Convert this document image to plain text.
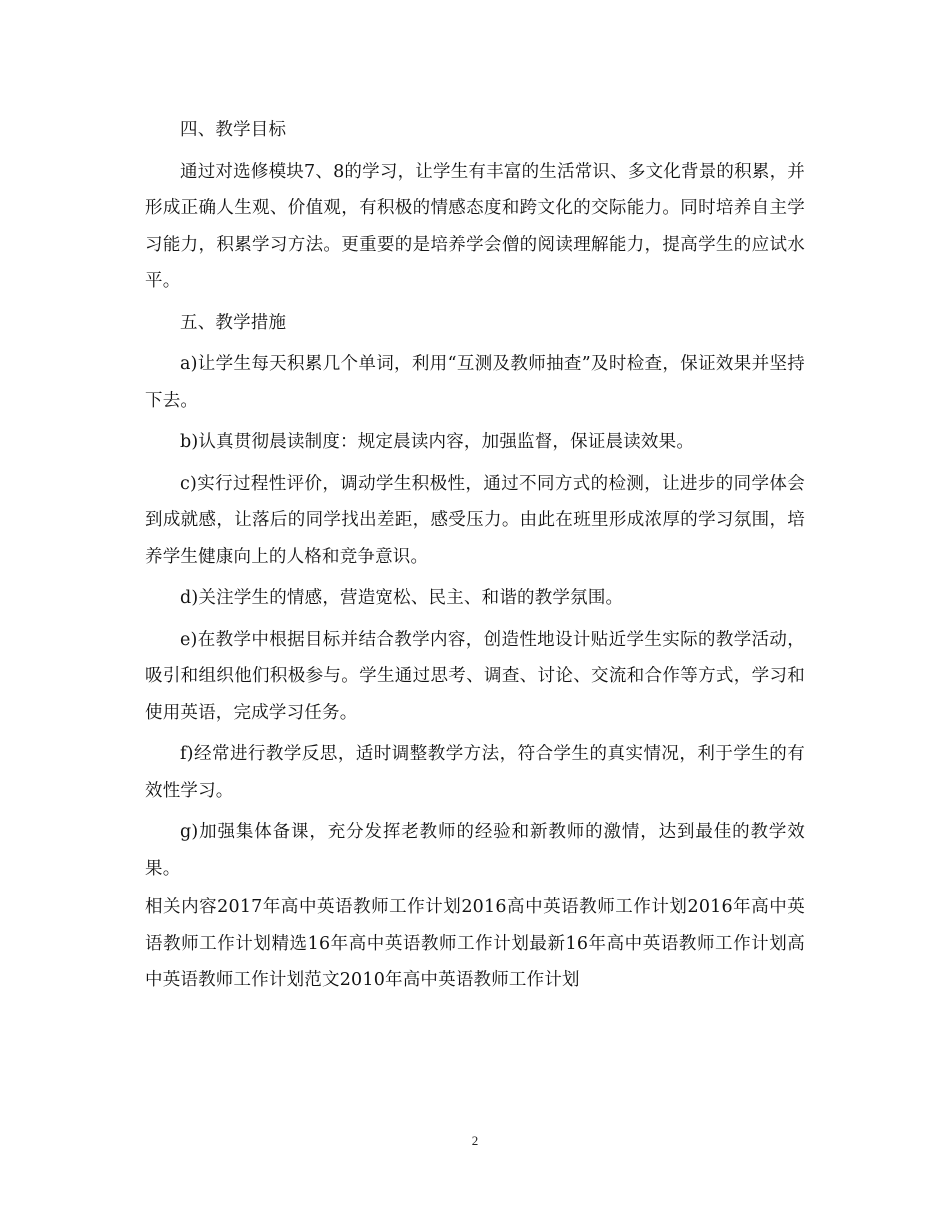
四、教学目标

通过对选修模块7、8的学习，让学生有丰富的生活常识、多文化背景的积累，并形成正确人生观、价值观，有积极的情感态度和跨文化的交际能力。同时培养自主学习能力，积累学习方法。更重要的是培养学会僧的阅读理解能力，提高学生的应试水平。

五、教学措施

a)让学生每天积累几个单词，利用“互测及教师抽查”及时检查，保证效果并坚持下去。

b)认真贯彻晨读制度：规定晨读内容，加强监督，保证晨读效果。

c)实行过程性评价，调动学生积极性，通过不同方式的检测，让进步的同学体会到成就感，让落后的同学找出差距，感受压力。由此在班里形成浓厚的学习氛围，培养学生健康向上的人格和竞争意识。

d)关注学生的情感，营造宽松、民主、和谐的教学氛围。

e)在教学中根据目标并结合教学内容，创造性地设计贴近学生实际的教学活动，吸引和组织他们积极参与。学生通过思考、调查、讨论、交流和合作等方式，学习和使用英语，完成学习任务。

f)经常进行教学反思，适时调整教学方法，符合学生的真实情况，利于学生的有效性学习。

g)加强集体备课，充分发挥老教师的经验和新教师的激情，达到最佳的教学效果。

相关内容2017年高中英语教师工作计划2016高中英语教师工作计划2016年高中英语教师工作计划精选16年高中英语教师工作计划最新16年高中英语教师工作计划高中英语教师工作计划范文2010年高中英语教师工作计划

2
